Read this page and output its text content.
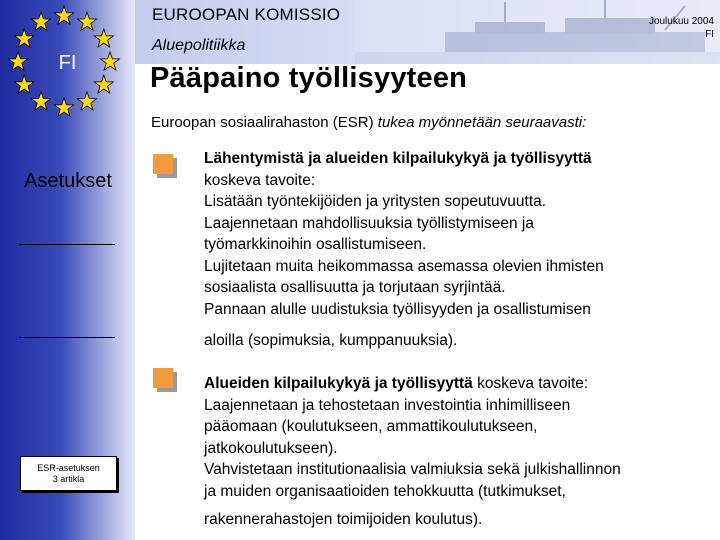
FI
Asetukset
ESR-asetuksen
3 artikla
EUROOPAN KOMISSIO
Aluepolitiikka
Joulukuu 2004
FI
Pääpaino työllisyyteen
Euroopan sosiaalirahaston (ESR) tukea myönnetään seuraavasti:
Lähentymistä ja alueiden kilpailukykyä ja työllisyyttä
koskeva tavoite:
Lisätään työntekijöiden ja yritysten sopeutuvuutta.
Laajennetaan mahdollisuuksia työllistymiseen ja
työmarkkinoihin osallistumiseen.
Lujitetaan muita heikommassa asemassa olevien ihmisten
sosiaalista osallisuutta ja torjutaan syrjintää.
Pannaan alulle uudistuksia työllisyyden ja osallistumisen
aloilla (sopimuksia, kumppanuuksia).
Alueiden kilpailukykyä ja työllisyyttä koskeva tavoite:
Laajennetaan ja tehostetaan investointia inhimilliseen
pääomaan (koulutukseen, ammattikoulutukseen,
jatkokoulutukseen).
Vahvistetaan institutionaalisia valmiuksia sekä julkishallinnon
ja muiden organisaatioiden tehokkuutta (tutkimukset,
rakennerahastojen toimijoiden koulutus).
